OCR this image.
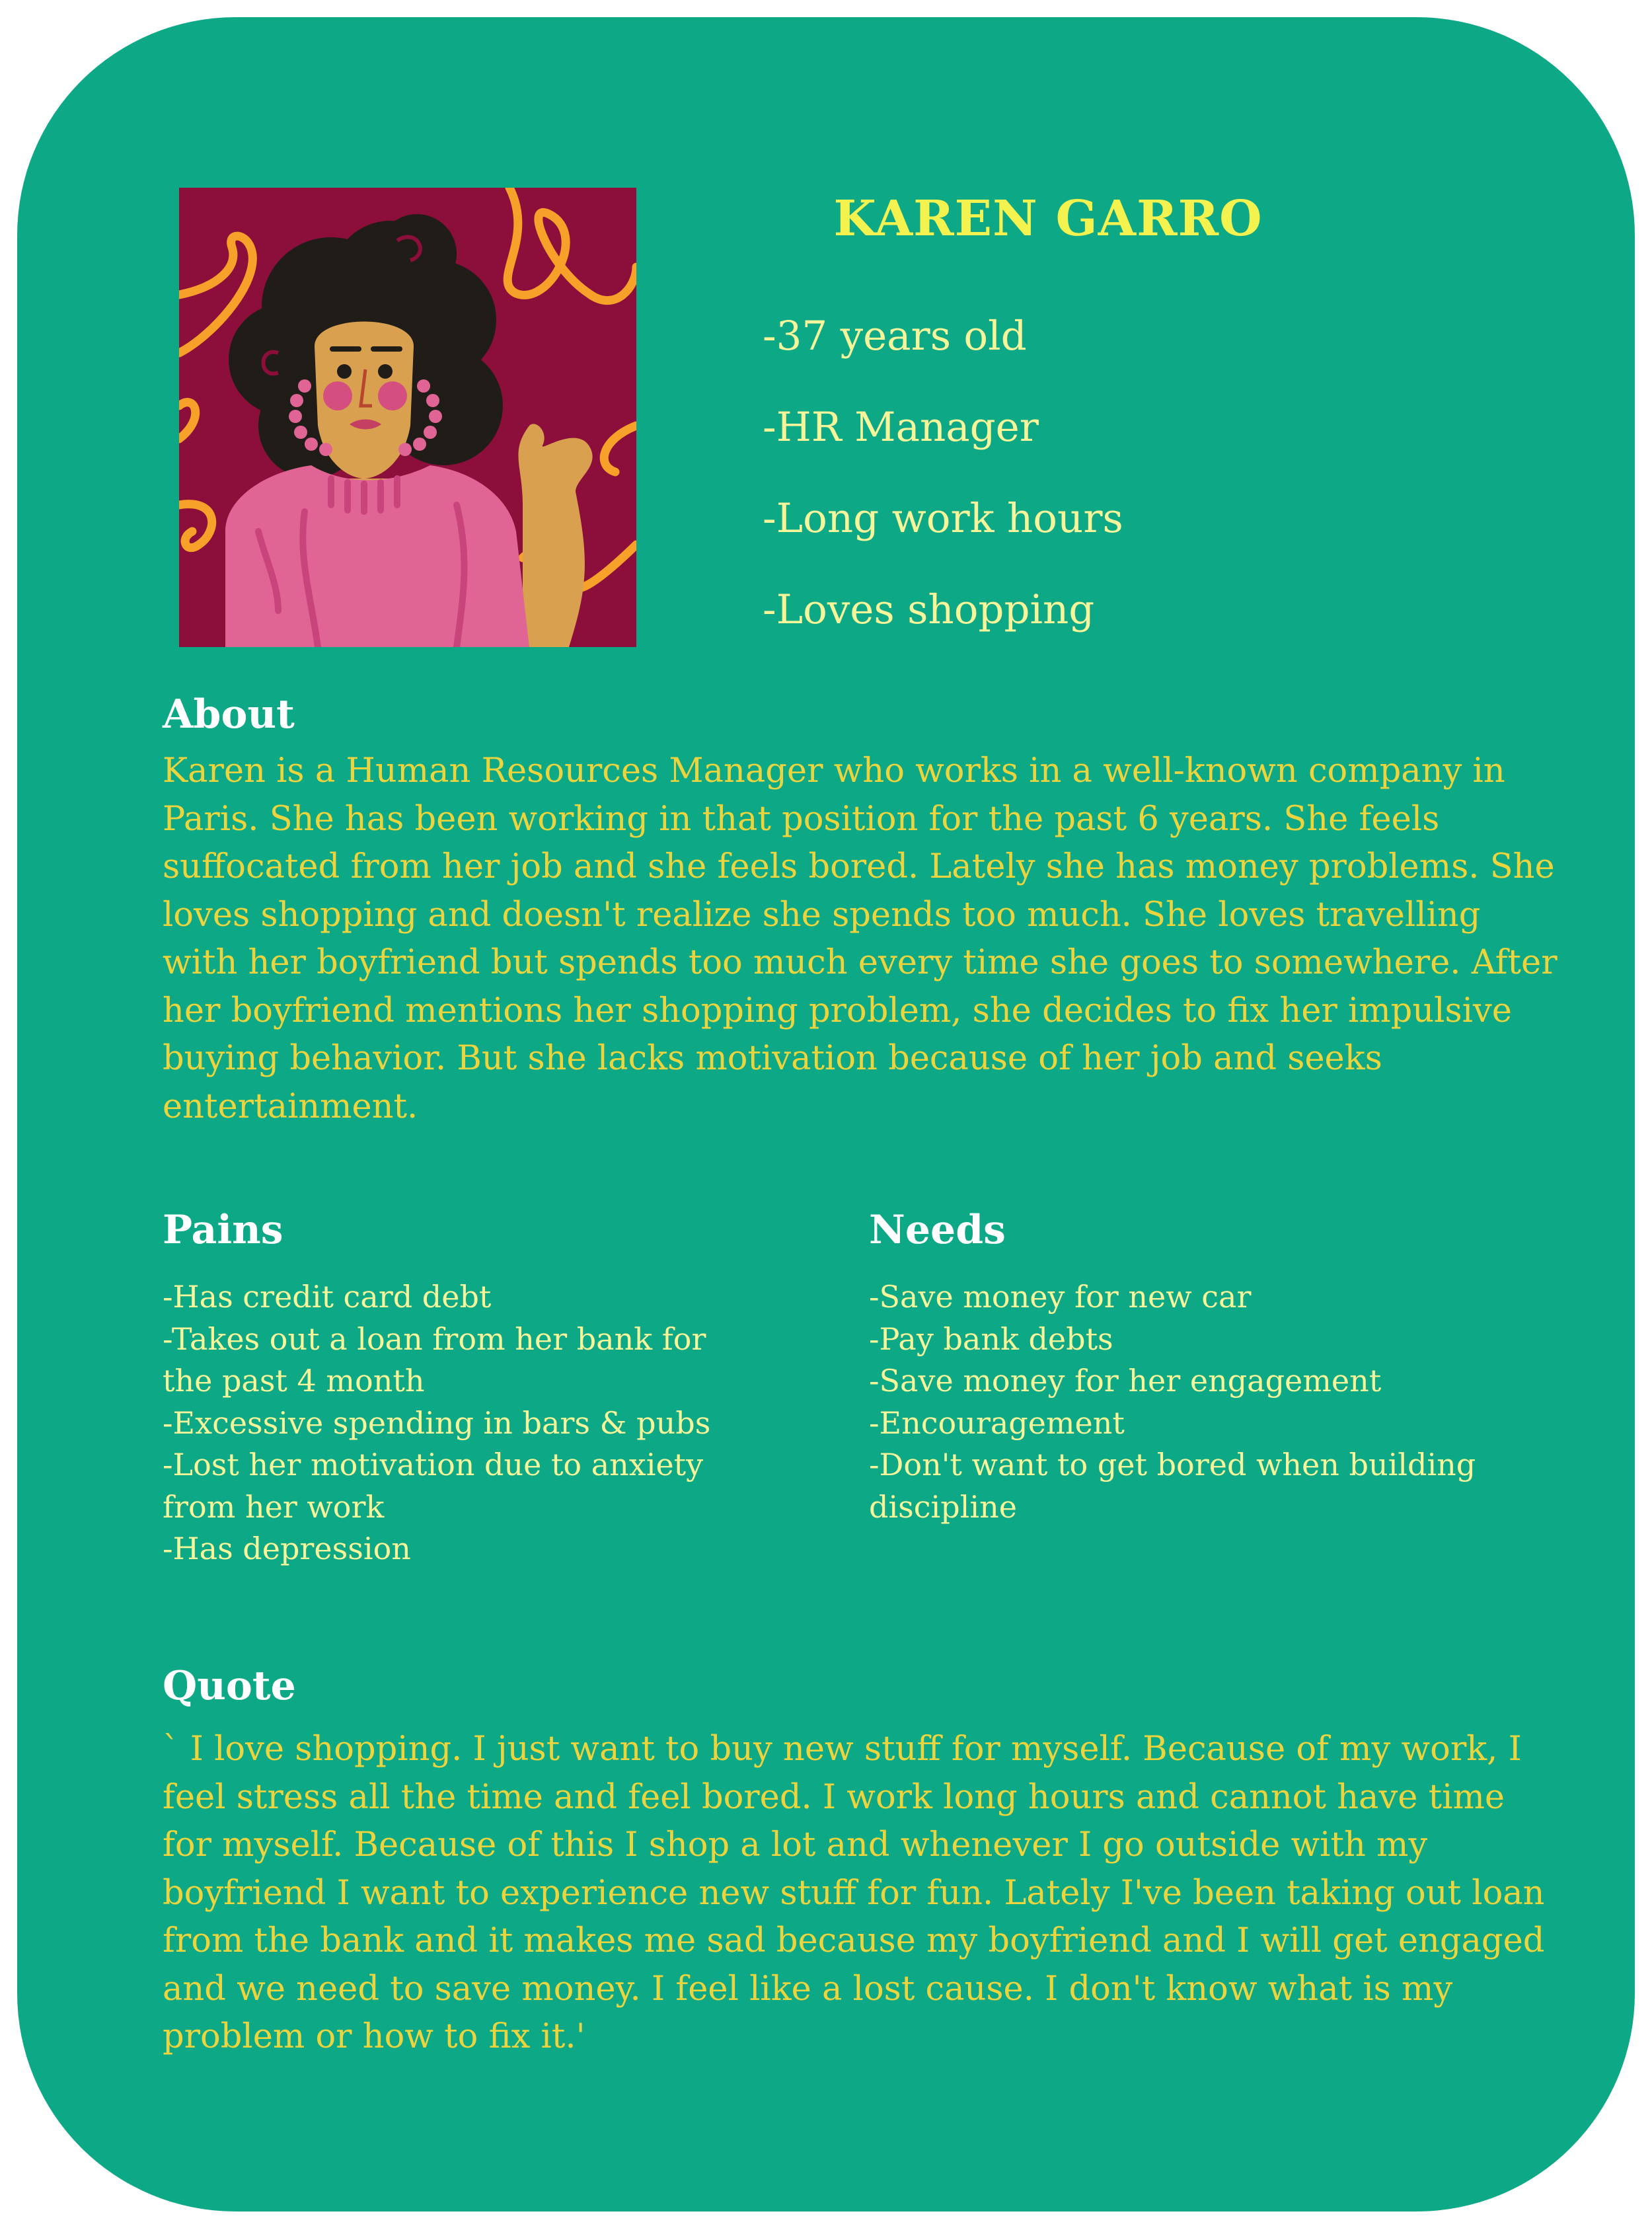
KAREN GARRO
-37 years old
-HR Manager
-Long work hours
-Loves shopping
About

Karen is a Human Resources Manager who works in a well-known company in Paris. She has been working in that position for the past 6 years. She feels suffocated from her job and she feels bored. Lately she has money problems. She loves shopping and doesn't realize she spends too much. She loves travelling with her boyfriend but spends too much every time she goes to somewhere. After her boyfriend mentions her shopping problem, she decides to fix her impulsive buying behavior. But she lacks motivation because of her job and seeks entertainment.

Pains
-Has credit card debt
-Takes out a loan from her bank for the past 4 month
-Excessive spending in bars & pubs
-Lost her motivation due to anxiety from her work
-Has depression
Needs
-Save money for new car
-Pay bank debts
-Save money for her engagement
-Encouragement
-Don't want to get bored when building discipline
Quote

` I love shopping. I just want to buy new stuff for myself. Because of my work, I feel stress all the time and feel bored. I work long hours and cannot have time for myself. Because of this I shop a lot and whenever I go outside with my boyfriend I want to experience new stuff for fun. Lately I've been taking out loan from the bank and it makes me sad because my boyfriend and I will get engaged and we need to save money. I feel like a lost cause. I don't know what is my problem or how to fix it.'
